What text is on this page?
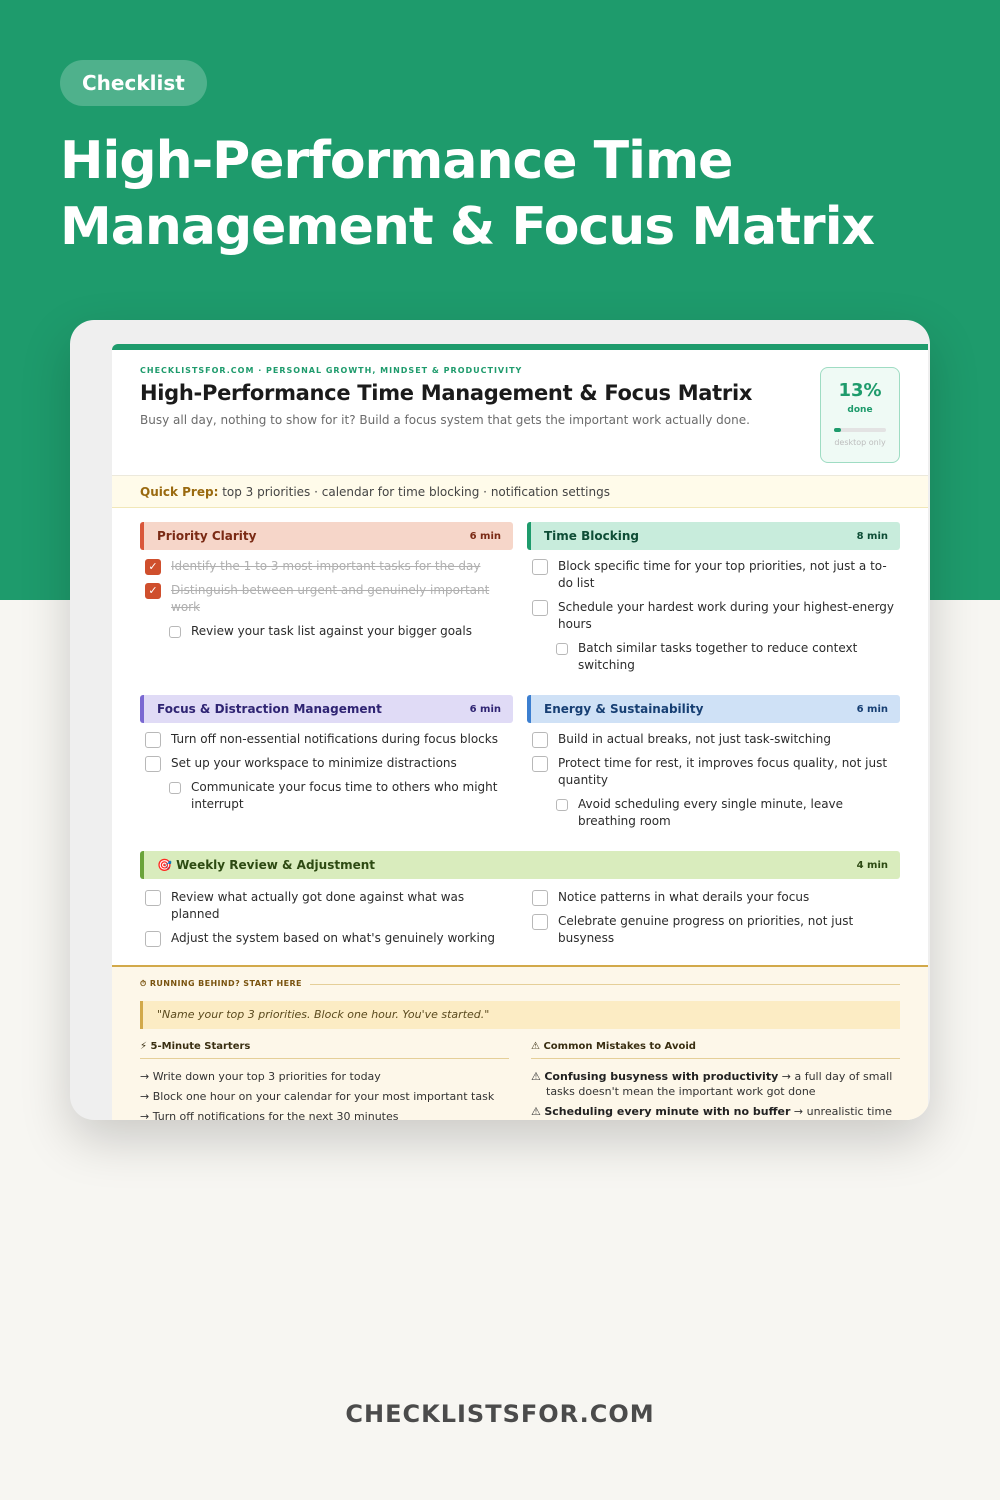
Checklist
High-Performance Time
Management & Focus Matrix
CHECKLISTSFOR.COM · PERSONAL GROWTH, MINDSET & PRODUCTIVITY
High-Performance Time Management & Focus Matrix
Busy all day, nothing to show for it? Build a focus system that gets the important work actually done.
13%
done
desktop only
Quick Prep: top 3 priorities · calendar for time blocking · notification settings
Priority Clarity	6 min
✓ Identify the 1 to 3 most important tasks for the day
✓ Distinguish between urgent and genuinely important work
Review your task list against your bigger goals
Time Blocking	8 min
Block specific time for your top priorities, not just a to-do list
Schedule your hardest work during your highest-energy hours
Batch similar tasks together to reduce context switching
Focus & Distraction Management	6 min
Turn off non-essential notifications during focus blocks
Set up your workspace to minimize distractions
Communicate your focus time to others who might interrupt
Energy & Sustainability	6 min
Build in actual breaks, not just task-switching
Protect time for rest, it improves focus quality, not just quantity
Avoid scheduling every single minute, leave breathing room
🎯 Weekly Review & Adjustment	4 min
Review what actually got done against what was planned
Adjust the system based on what's genuinely working
Notice patterns in what derails your focus
Celebrate genuine progress on priorities, not just busyness
⏱ RUNNING BEHIND? START HERE
"Name your top 3 priorities. Block one hour. You've started."
⚡ 5-Minute Starters
→ Write down your top 3 priorities for today
→ Block one hour on your calendar for your most important task
→ Turn off notifications for the next 30 minutes
⚠ Common Mistakes to Avoid
⚠ Confusing busyness with productivity → a full day of small tasks doesn't mean the important work got done
⚠ Scheduling every minute with no buffer → unrealistic time
CHECKLISTSFOR.COM
